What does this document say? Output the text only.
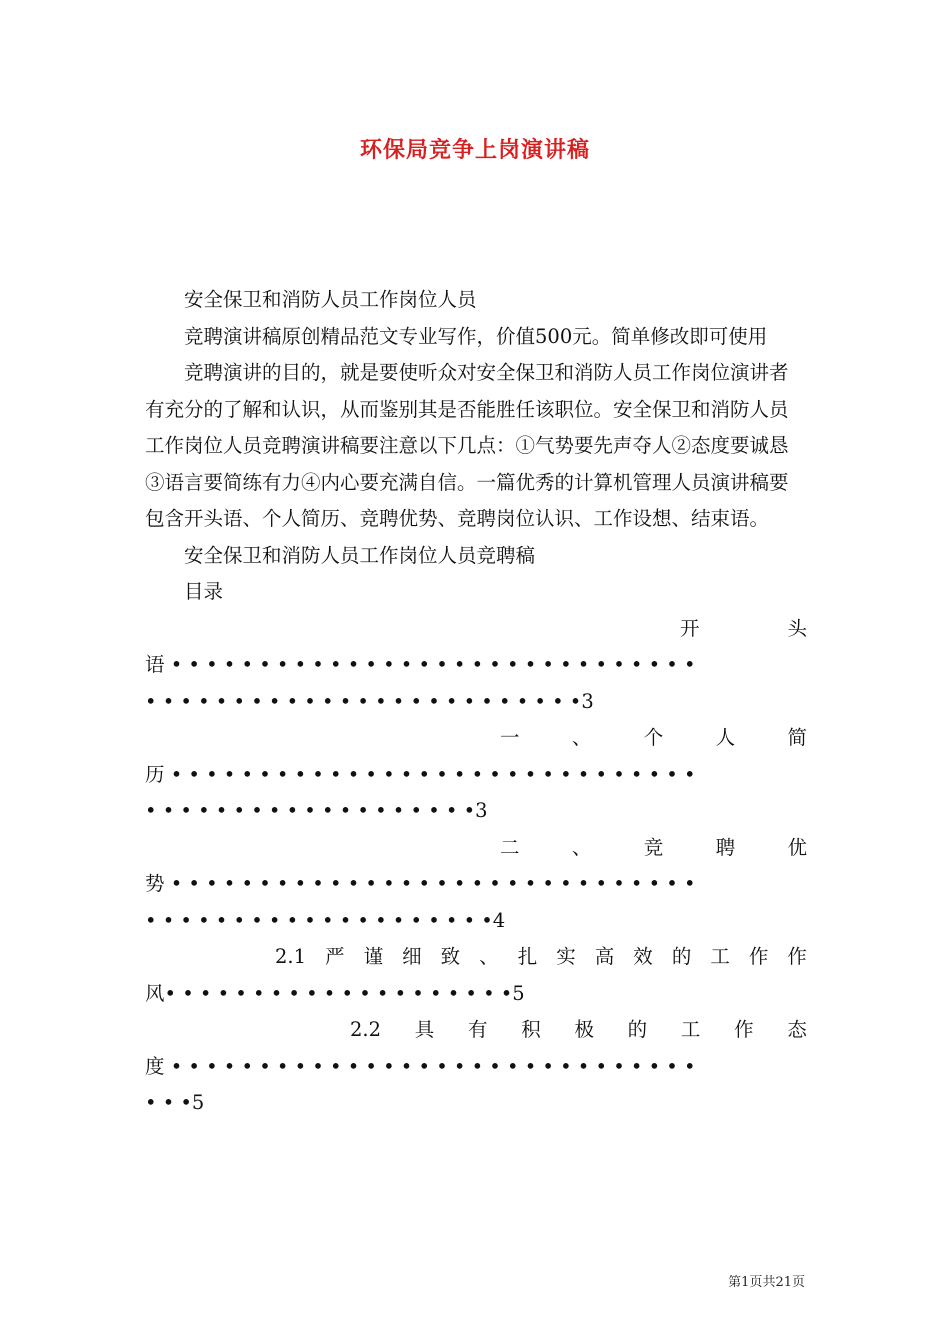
环保局竞争上岗演讲稿

安全保卫和消防人员工作岗位人员

竞聘演讲稿原创精品范文专业写作，价值500元。简单修改即可使用

竞聘演讲的目的，就是要使听众对安全保卫和消防人员工作岗位演讲者有充分的了解和认识，从而鉴别其是否能胜任该职位。安全保卫和消防人员工作岗位人员竞聘演讲稿要注意以下几点：①气势要先声夺人②态度要诚恳③语言要简练有力④内心要充满自信。一篇优秀的计算机管理人员演讲稿要包含开头语、个人简历、竞聘优势、竞聘岗位认识、工作设想、结束语。

安全保卫和消防人员工作岗位人员竞聘稿

目录

开	头
语 • • • • • • • • • • • • • • • • • • • • • • • • • • • • • •
• • • • • • • • • • • • • • • • • • • • • • • • •3
一	、	个	人	简
历 • • • • • • • • • • • • • • • • • • • • • • • • • • • • • •
• • • • • • • • • • • • • • • • • • •3
二	、	竞	聘	优
势 • • • • • • • • • • • • • • • • • • • • • • • • • • • • • •
• • • • • • • • • • • • • • • • • • • •4
2.1 严 谨 细 致 、 扎 实 高 效 的 工 作 作
风• • • • • • • • • • • • • • • • • • • •5
2.2 具 有 积 极 的 工 作 态
度 • • • • • • • • • • • • • • • • • • • • • • • • • • • • • •
• • •5
第1页共21页
